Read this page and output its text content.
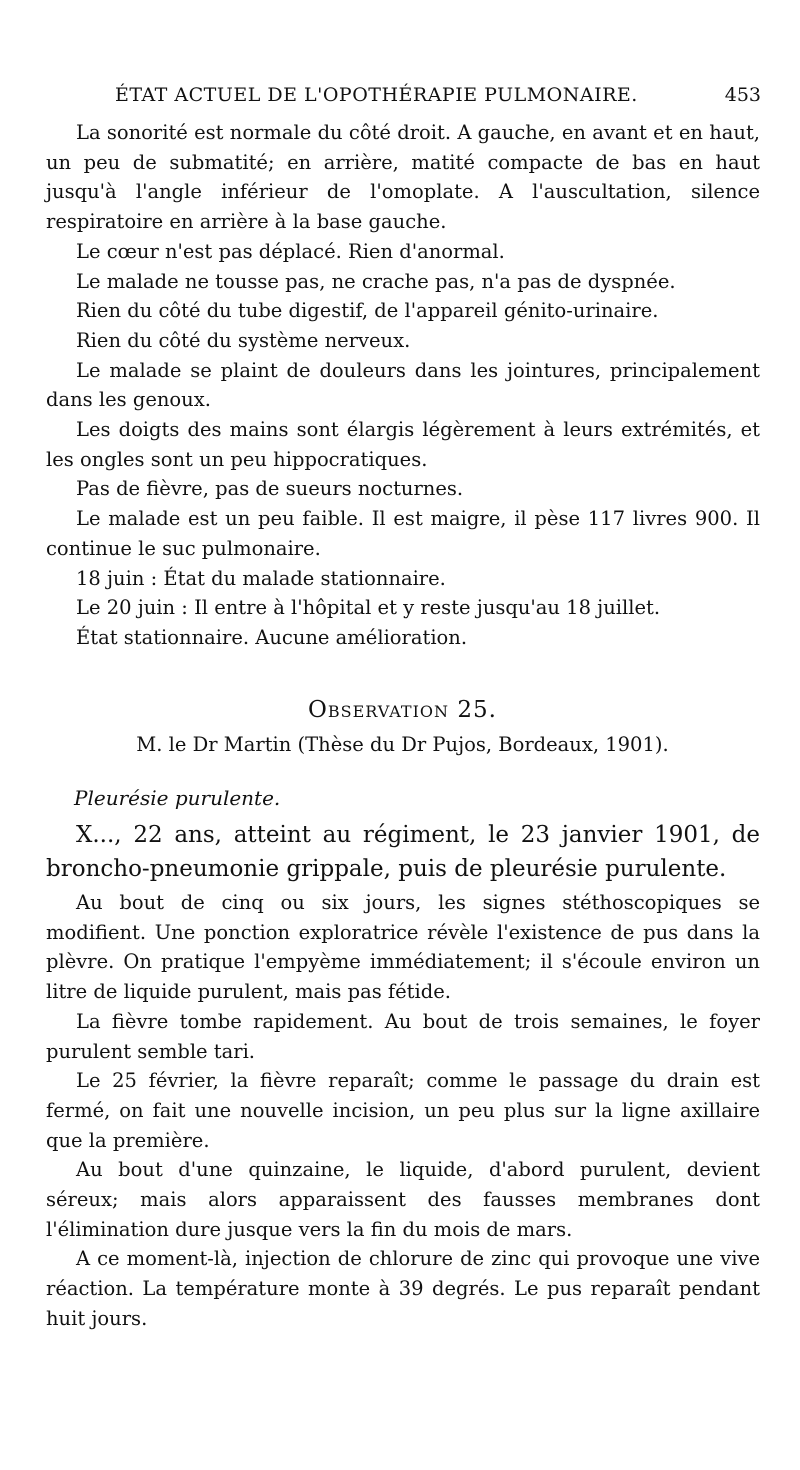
ÉTAT ACTUEL DE L'OPOTHÉRAPIE PULMONAIRE.	453

La sonorité est normale du côté droit. A gauche, en avant et en haut, un peu de submatité; en arrière, matité compacte de bas en haut jusqu'à l'angle inférieur de l'omoplate. A l'auscultation, silence respiratoire en arrière à la base gauche.

Le cœur n'est pas déplacé. Rien d'anormal.

Le malade ne tousse pas, ne crache pas, n'a pas de dyspnée.

Rien du côté du tube digestif, de l'appareil génito-urinaire.

Rien du côté du système nerveux.

Le malade se plaint de douleurs dans les jointures, principalement dans les genoux.

Les doigts des mains sont élargis légèrement à leurs extrémités, et les ongles sont un peu hippocratiques.

Pas de fièvre, pas de sueurs nocturnes.

Le malade est un peu faible. Il est maigre, il pèse 117 livres 900. Il continue le suc pulmonaire.

18 juin : État du malade stationnaire.

Le 20 juin : Il entre à l'hôpital et y reste jusqu'au 18 juillet.

État stationnaire. Aucune amélioration.

Observation 25.
M. le Dr Martin (Thèse du Dr Pujos, Bordeaux, 1901).
Pleurésie purulente.

X..., 22 ans, atteint au régiment, le 23 janvier 1901, de broncho-pneumonie grippale, puis de pleurésie purulente.

Au bout de cinq ou six jours, les signes stéthoscopiques se modifient. Une ponction exploratrice révèle l'existence de pus dans la plèvre. On pratique l'empyème immédiatement; il s'écoule environ un litre de liquide purulent, mais pas fétide.

La fièvre tombe rapidement. Au bout de trois semaines, le foyer purulent semble tari.

Le 25 février, la fièvre reparaît; comme le passage du drain est fermé, on fait une nouvelle incision, un peu plus sur la ligne axillaire que la première.

Au bout d'une quinzaine, le liquide, d'abord purulent, devient séreux; mais alors apparaissent des fausses membranes dont l'élimination dure jusque vers la fin du mois de mars.

A ce moment-là, injection de chlorure de zinc qui provoque une vive réaction. La température monte à 39 degrés. Le pus reparaît pendant huit jours.
